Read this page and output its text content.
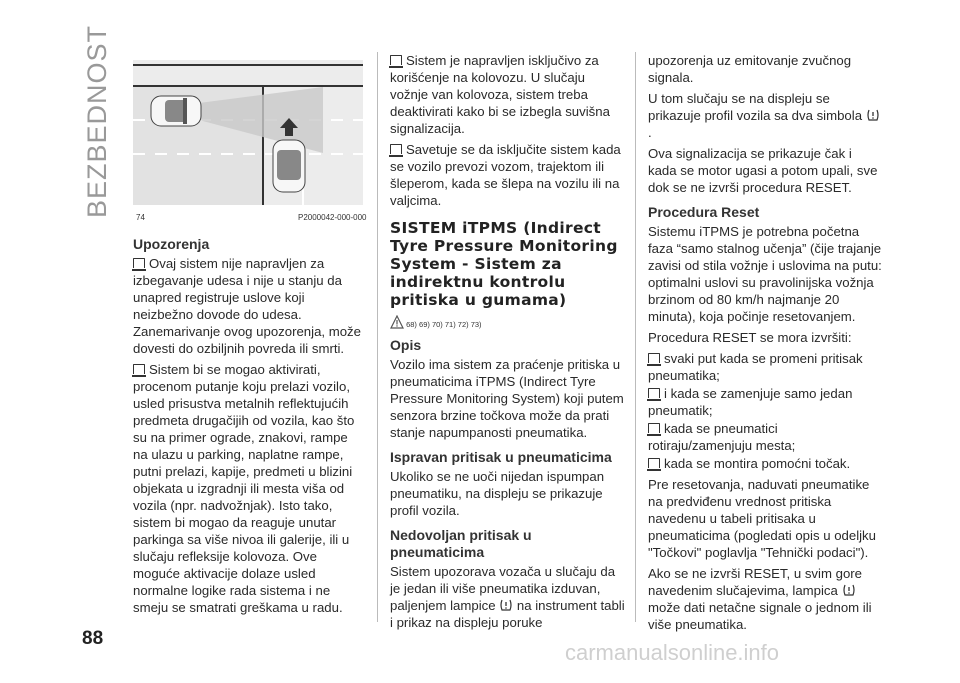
BEZBEDNOST	74	P2000042-000-000
Upozorenja

Ovaj sistem nije napravljen za izbegavanje udesa i nije u stanju da unapred registruje uslove koji neizbežno dovode do udesa. Zanemarivanje ovog upozorenja, može dovesti do ozbiljnih povreda ili smrti.

Sistem bi se mogao aktivirati, procenom putanje koju prelazi vozilo, usled prisustva metalnih reflektujućih predmeta drugačijih od vozila, kao što su na primer ograde, znakovi, rampe na ulazu u parking, naplatne rampe, putni prelazi, kapije, predmeti u blizini objekata u izgradnji ili mesta viša od vozila (npr. nadvožnjak). Isto tako, sistem bi mogao da reaguje unutar parkinga sa više nivoa ili galerije, ili u slučaju refleksije kolovoza. Ove moguće aktivacije dolaze usled normalne logike rada sistema i ne smeju se smatrati greškama u radu.

Sistem je napravljen isključivo za korišćenje na kolovozu. U slučaju vožnje van kolovoza, sistem treba deaktivirati kako bi se izbegla suvišna signalizacija.

Savetuje se da isključite sistem kada se vozilo prevozi vozom, trajektom ili šleperom, kada se šlepa na vozilu ili na valjcima.

SISTEM iTPMS (Indirect Tyre Pressure Monitoring System - Sistem za indirektnu kontrolu pritiska u gumama)
68) 69) 70) 71) 72) 73)
Opis

Vozilo ima sistem za praćenje pritiska u pneumaticima iTPMS (Indirect Tyre Pressure Monitoring System) koji putem senzora brzine točkova može da prati stanje napumpanosti pneumatika.

Ispravan pritisak u pneumaticima

Ukoliko se ne uoči nijedan ispumpan pneumatiku, na displeju se prikazuje profil vozila.

Nedovoljan pritisak u pneumaticima

Sistem upozorava vozača u slučaju da je jedan ili više pneumatika izduvan, paljenjem lampice na instrument tabli i prikaz na displeju poruke

upozorenja uz emitovanje zvučnog signala.

U tom slučaju se na displeju se prikazuje profil vozila sa dva simbola
.

Ova signalizacija se prikazuje čak i kada se motor ugasi a potom upali, sve dok se ne izvrši procedura RESET.

Procedura Reset

Sistemu iTPMS je potrebna početna faza “samo stalnog učenja” (čije trajanje zavisi od stila vožnje i uslovima na putu: optimalni uslovi su pravolinijska vožnja brzinom od 80 km/h najmanje 20 minuta), koja počinje resetovanjem.

Procedura RESET se mora izvršiti:

svaki put kada se promeni pritisak pneumatika;

i kada se zamenjuje samo jedan pneumatik;

kada se pneumatici rotiraju/zamenjuju mesta;

kada se montira pomoćni točak.

Pre resetovanja, naduvati pneumatike na predviđenu vrednost pritiska navedenu u tabeli pritisaka u pneumaticima (pogledati opis u odeljku "Točkovi" poglavlja "Tehnički podaci").

Ako se ne izvrši RESET, u svim gore navedenim slučajevima, lampica  može dati netačne signale o jednom ili više pneumatika.

88
carmanualsonline.info
